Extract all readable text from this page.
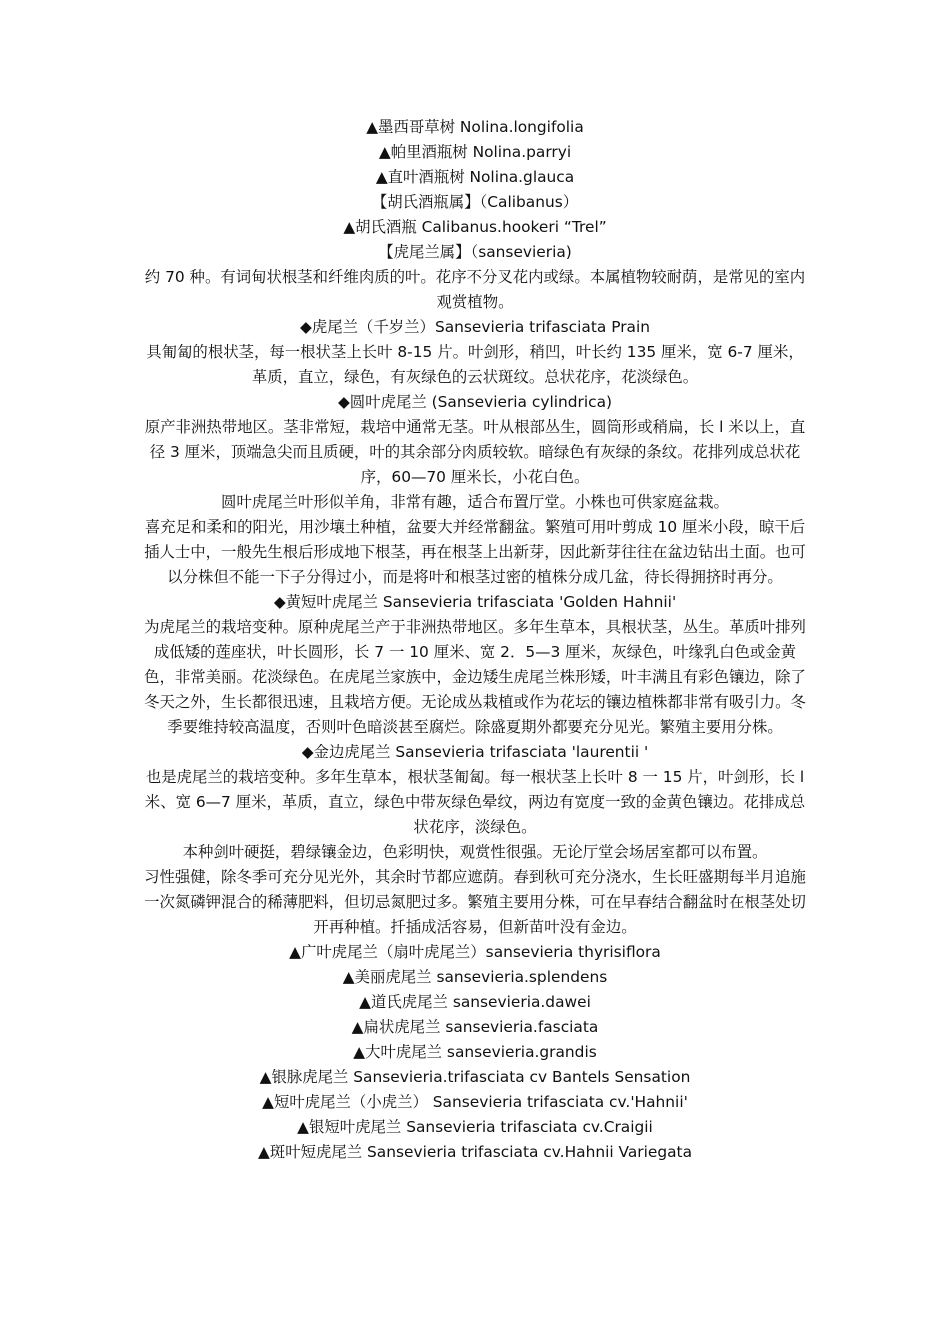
▲墨西哥草树 Nolina.longifolia

▲帕里酒瓶树 Nolina.parryi

▲直叶酒瓶树 Nolina.glauca

【胡氏酒瓶属】（Calibanus）

▲胡氏酒瓶 Calibanus.hookeri “Trel”

【虎尾兰属】（sansevieria)

约 70 种。有词甸状根茎和纤维肉质的叶。花序不分叉花内或绿。本属植物较耐荫，是常见的室内观赏植物。

◆虎尾兰（千岁兰）Sansevieria trifasciata Prain

具匍匐的根状茎，每一根状茎上长叶 8-15 片。叶剑形，稍凹，叶长约 135 厘米，宽 6-7 厘米，革质，直立，绿色，有灰绿色的云状斑纹。总状花序，花淡绿色。

◆圆叶虎尾兰 (Sansevieria cylindrica)

原产非洲热带地区。茎非常短，栽培中通常无茎。叶从根部丛生，圆筒形或稍扁，长 l 米以上，直径 3 厘米，顶端急尖而且质硬，叶的其余部分肉质较软。暗绿色有灰绿的条纹。花排列成总状花序，60—70 厘米长，小花白色。

圆叶虎尾兰叶形似羊角，非常有趣，适合布置厅堂。小株也可供家庭盆栽。

喜充足和柔和的阳光，用沙壤土种植，盆要大并经常翻盆。繁殖可用叶剪成 10 厘米小段，晾干后插人士中，一般先生根后形成地下根茎，再在根茎上出新芽，因此新芽往往在盆边钻出土面。也可以分株但不能一下子分得过小，而是将叶和根茎过密的植株分成几盆，待长得拥挤时再分。

◆黄短叶虎尾兰 Sansevieria trifasciata 'Golden Hahnii'

为虎尾兰的栽培变种。原种虎尾兰产于非洲热带地区。多年生草本，具根状茎，丛生。革质叶排列成低矮的莲座状，叶长圆形，长 7 一 10 厘米、宽 2．5—3 厘米，灰绿色，叶缘乳白色或金黄色，非常美丽。花淡绿色。在虎尾兰家族中，金边矮生虎尾兰株形矮，叶丰满且有彩色镶边，除了冬天之外，生长都很迅速，且栽培方便。无论成丛栽植或作为花坛的镶边植株都非常有吸引力。冬季要维持较高温度，否则叶色暗淡甚至腐烂。除盛夏期外都要充分见光。繁殖主要用分株。

◆金边虎尾兰 Sansevieria trifasciata 'laurentii '

也是虎尾兰的栽培变种。多年生草本，根状茎匍匐。每一根状茎上长叶 8 一 15 片，叶剑形，长 l 米、宽 6—7 厘米，革质，直立，绿色中带灰绿色晕纹，两边有宽度一致的金黄色镶边。花排成总状花序，淡绿色。

本种剑叶硬挺，碧绿镶金边，色彩明快，观赏性很强。无论厅堂会场居室都可以布置。

习性强健，除冬季可充分见光外，其余时节都应遮荫。春到秋可充分浇水，生长旺盛期每半月追施一次氮磷钾混合的稀薄肥料，但切忌氮肥过多。繁殖主要用分株，可在早春结合翻盆时在根茎处切开再种植。扦插成活容易，但新苗叶没有金边。

▲广叶虎尾兰（扇叶虎尾兰）sansevieria thyrisiflora

▲美丽虎尾兰 sansevieria.splendens

▲道氏虎尾兰 sansevieria.dawei

▲扁状虎尾兰 sansevieria.fasciata

▲大叶虎尾兰 sansevieria.grandis

▲银脉虎尾兰 Sansevieria.trifasciata cv Bantels Sensation

▲短叶虎尾兰（小虎兰） Sansevieria trifasciata cv.'Hahnii'

▲银短叶虎尾兰 Sansevieria trifasciata cv.Craigii

▲斑叶短虎尾兰 Sansevieria trifasciata cv.Hahnii Variegata
